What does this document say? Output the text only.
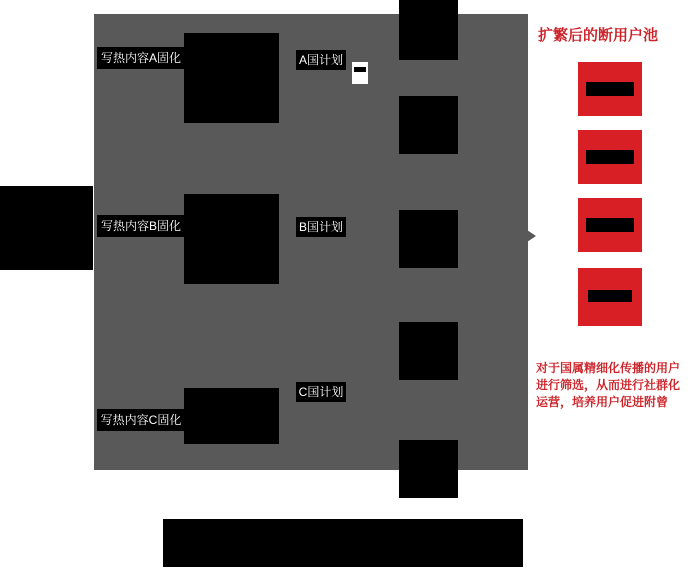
写热内容A固化
写热内容B固化
写热内容C固化
A国计划
B国计划
C国计划
扩繁后的断用户池
对于国属精细化传播的用户进行筛选，从而进行社群化运营，培养用户促进附曾
